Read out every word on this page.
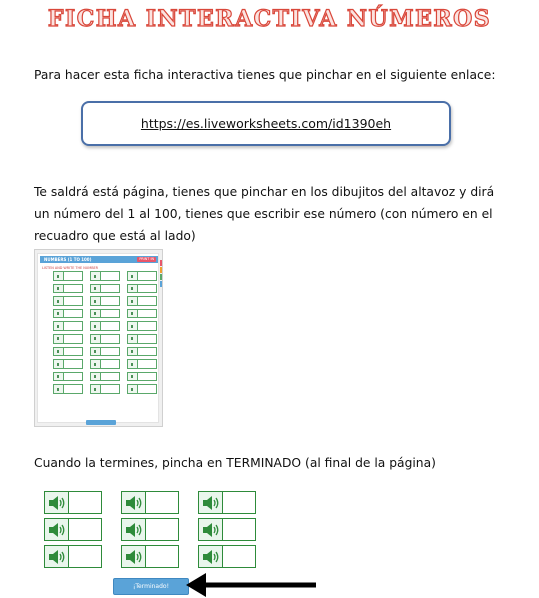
FICHA INTERACTIVA NÚMEROS

Para hacer esta ficha interactiva tienes que pinchar en el siguiente enlace:

https://es.liveworksheets.com/id1390eh

Te saldrá está página, tienes que pinchar en los dibujitos del altavoz y dirá un número del 1 al 100, tienes que escribir ese número (con número en el recuadro que está al lado)

NUMBERS (1 TO 100)	PRINT IN
LISTEN AND WRITE THE NUMBER

Cuando la termines, pincha en TERMINADO (al final de la página)

¡Terminado!
